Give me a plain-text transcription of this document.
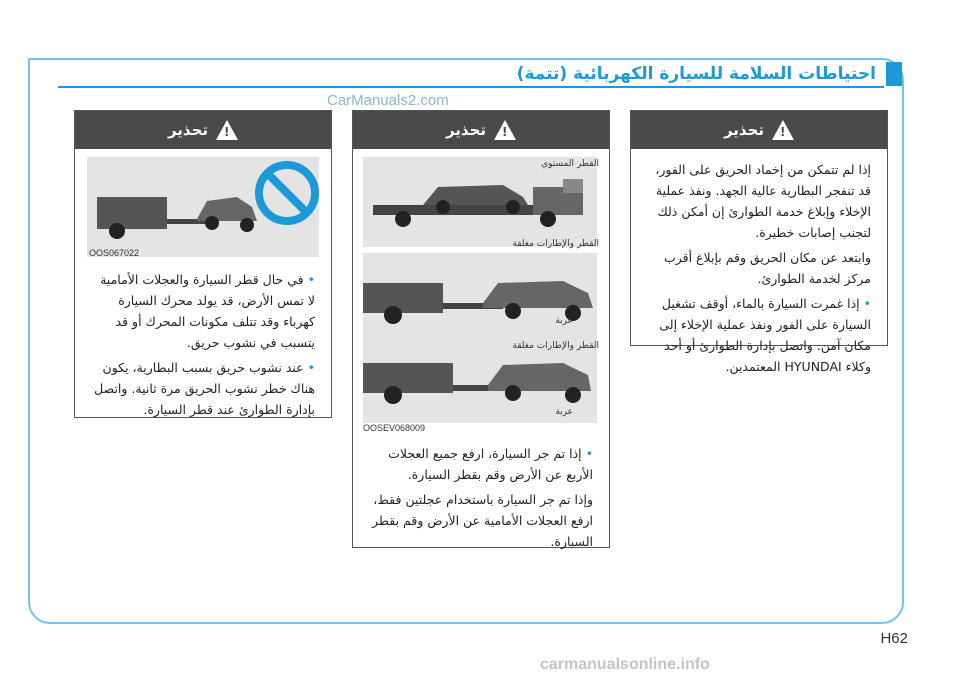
احتياطات السلامة للسيارة الكهربائية (تتمة)
CarManuals2.com
!
تحذير

إذا لم تتمكن من إخماد الحريق على الفور، قد تنفجر البطارية عالية الجهد. ونفذ عملية الإخلاء وإبلاغ خدمة الطوارئ إن أمكن ذلك لتجنب إصابات خطيرة.

وابتعد عن مكان الحريق وقم بإبلاغ أقرب مركز لخدمة الطوارئ.

• إذا غمرت السيارة بالماء، أوقف تشغيل السيارة على الفور ونفذ عملية الإخلاء إلى مكان آمن. واتصل بإدارة الطوارئ أو أحد وكلاء HYUNDAI المعتمدين.

!
تحذير
القطر المستوي
القطر والإطارات مغلقة
عربة
القطر والإطارات مغلقة
عربة
OOSEV068009

• إذا تم جر السيارة، ارفع جميع العجلات الأربع عن الأرض وقم بقطر السيارة.

وإذا تم جر السيارة باستخدام عجلتين فقط، ارفع العجلات الأمامية عن الأرض وقم بقطر السيارة.

!
تحذير
OOS067022

• في حال قطر السيارة والعجلات الأمامية لا تمس الأرض، قد يولد محرك السيارة كهرباء وقد تتلف مكونات المحرك أو قد يتسبب في نشوب حريق.

• عند نشوب حريق بسبب البطارية، يكون هناك خطر نشوب الحريق مرة ثانية. واتصل بإدارة الطوارئ عند قطر السيارة.

H62
carmanualsonline.info
